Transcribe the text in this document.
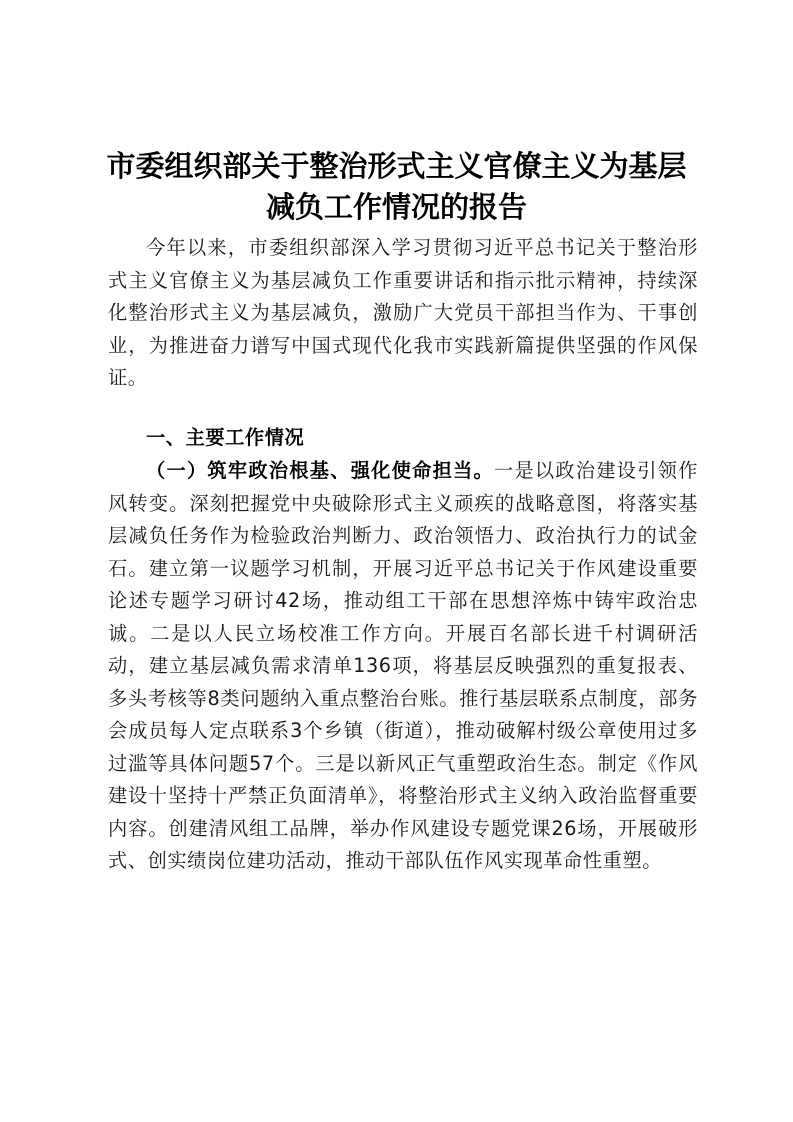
市委组织部关于整治形式主义官僚主义为基层
减负工作情况的报告

今年以来，市委组织部深入学习贯彻习近平总书记关于整治形式主义官僚主义为基层减负工作重要讲话和指示批示精神，持续深化整治形式主义为基层减负，激励广大党员干部担当作为、干事创业，为推进奋力谱写中国式现代化我市实践新篇提供坚强的作风保证。

一、主要工作情况

（一）筑牢政治根基、强化使命担当。一是以政治建设引领作风转变。深刻把握党中央破除形式主义顽疾的战略意图，将落实基层减负任务作为检验政治判断力、政治领悟力、政治执行力的试金石。建立第一议题学习机制，开展习近平总书记关于作风建设重要论述专题学习研讨42场，推动组工干部在思想淬炼中铸牢政治忠诚。二是以人民立场校准工作方向。开展百名部长进千村调研活动，建立基层减负需求清单136项，将基层反映强烈的重复报表、多头考核等8类问题纳入重点整治台账。推行基层联系点制度，部务会成员每人定点联系3个乡镇（街道），推动破解村级公章使用过多过滥等具体问题57个。三是以新风正气重塑政治生态。制定《作风建设十坚持十严禁正负面清单》，将整治形式主义纳入政治监督重要内容。创建清风组工品牌，举办作风建设专题党课26场，开展破形式、创实绩岗位建功活动，推动干部队伍作风实现革命性重塑。
